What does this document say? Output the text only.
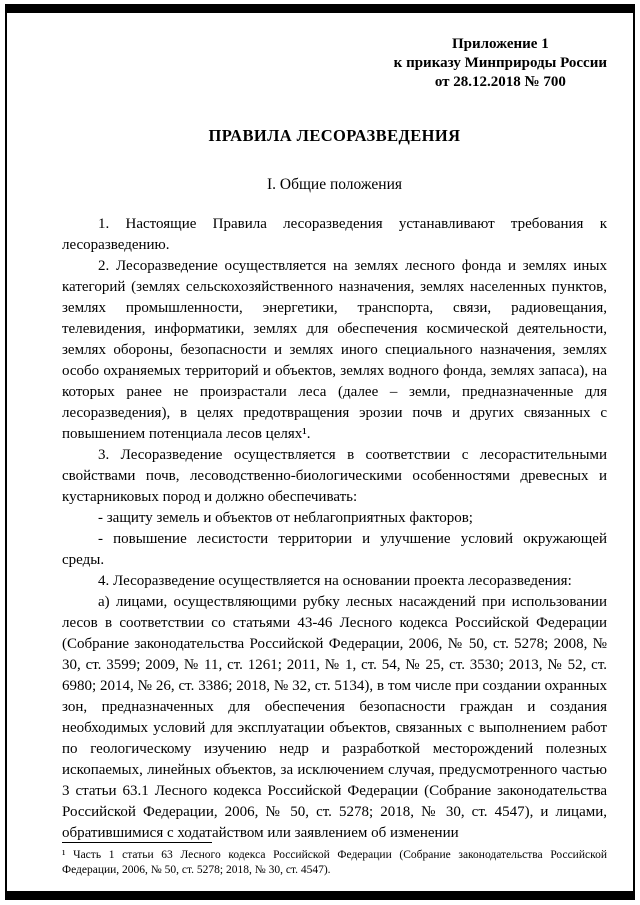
Приложение 1
к приказу Минприроды России
от 28.12.2018 № 700
ПРАВИЛА ЛЕСОРАЗВЕДЕНИЯ
I. Общие положения

1. Настоящие Правила лесоразведения устанавливают требования к лесоразведению.

2. Лесоразведение осуществляется на землях лесного фонда и землях иных категорий (землях сельскохозяйственного назначения, землях населенных пунктов, землях промышленности, энергетики, транспорта, связи, радиовещания, телевидения, информатики, землях для обеспечения космической деятельности, землях обороны, безопасности и землях иного специального назначения, землях особо охраняемых территорий и объектов, землях водного фонда, землях запаса), на которых ранее не произрастали леса (далее – земли, предназначенные для лесоразведения), в целях предотвращения эрозии почв и других связанных с повышением потенциала лесов целях¹.

3. Лесоразведение осуществляется в соответствии с лесорастительными свойствами почв, лесоводственно-биологическими особенностями древесных и кустарниковых пород и должно обеспечивать:

- защиту земель и объектов от неблагоприятных факторов;

- повышение лесистости территории и улучшение условий окружающей среды.

4. Лесоразведение осуществляется на основании проекта лесоразведения:

а) лицами, осуществляющими рубку лесных насаждений при использовании лесов в соответствии со статьями 43-46 Лесного кодекса Российской Федерации (Собрание законодательства Российской Федерации, 2006, № 50, ст. 5278; 2008, № 30, ст. 3599; 2009, № 11, ст. 1261; 2011, № 1, ст. 54, № 25, ст. 3530; 2013, № 52, ст. 6980; 2014, № 26, ст. 3386; 2018, № 32, ст. 5134), в том числе при создании охранных зон, предназначенных для обеспечения безопасности граждан и создания необходимых условий для эксплуатации объектов, связанных с выполнением работ по геологическому изучению недр и разработкой месторождений полезных ископаемых, линейных объектов, за исключением случая, предусмотренного частью 3 статьи 63.1 Лесного кодекса Российской Федерации (Собрание законодательства Российской Федерации, 2006, № 50, ст. 5278; 2018, № 30, ст. 4547), и лицами, обратившимися с ходатайством или заявлением об изменении

¹ Часть 1 статьи 63 Лесного кодекса Российской Федерации (Собрание законодательства Российской Федерации, 2006, № 50, ст. 5278; 2018, № 30, ст. 4547).
